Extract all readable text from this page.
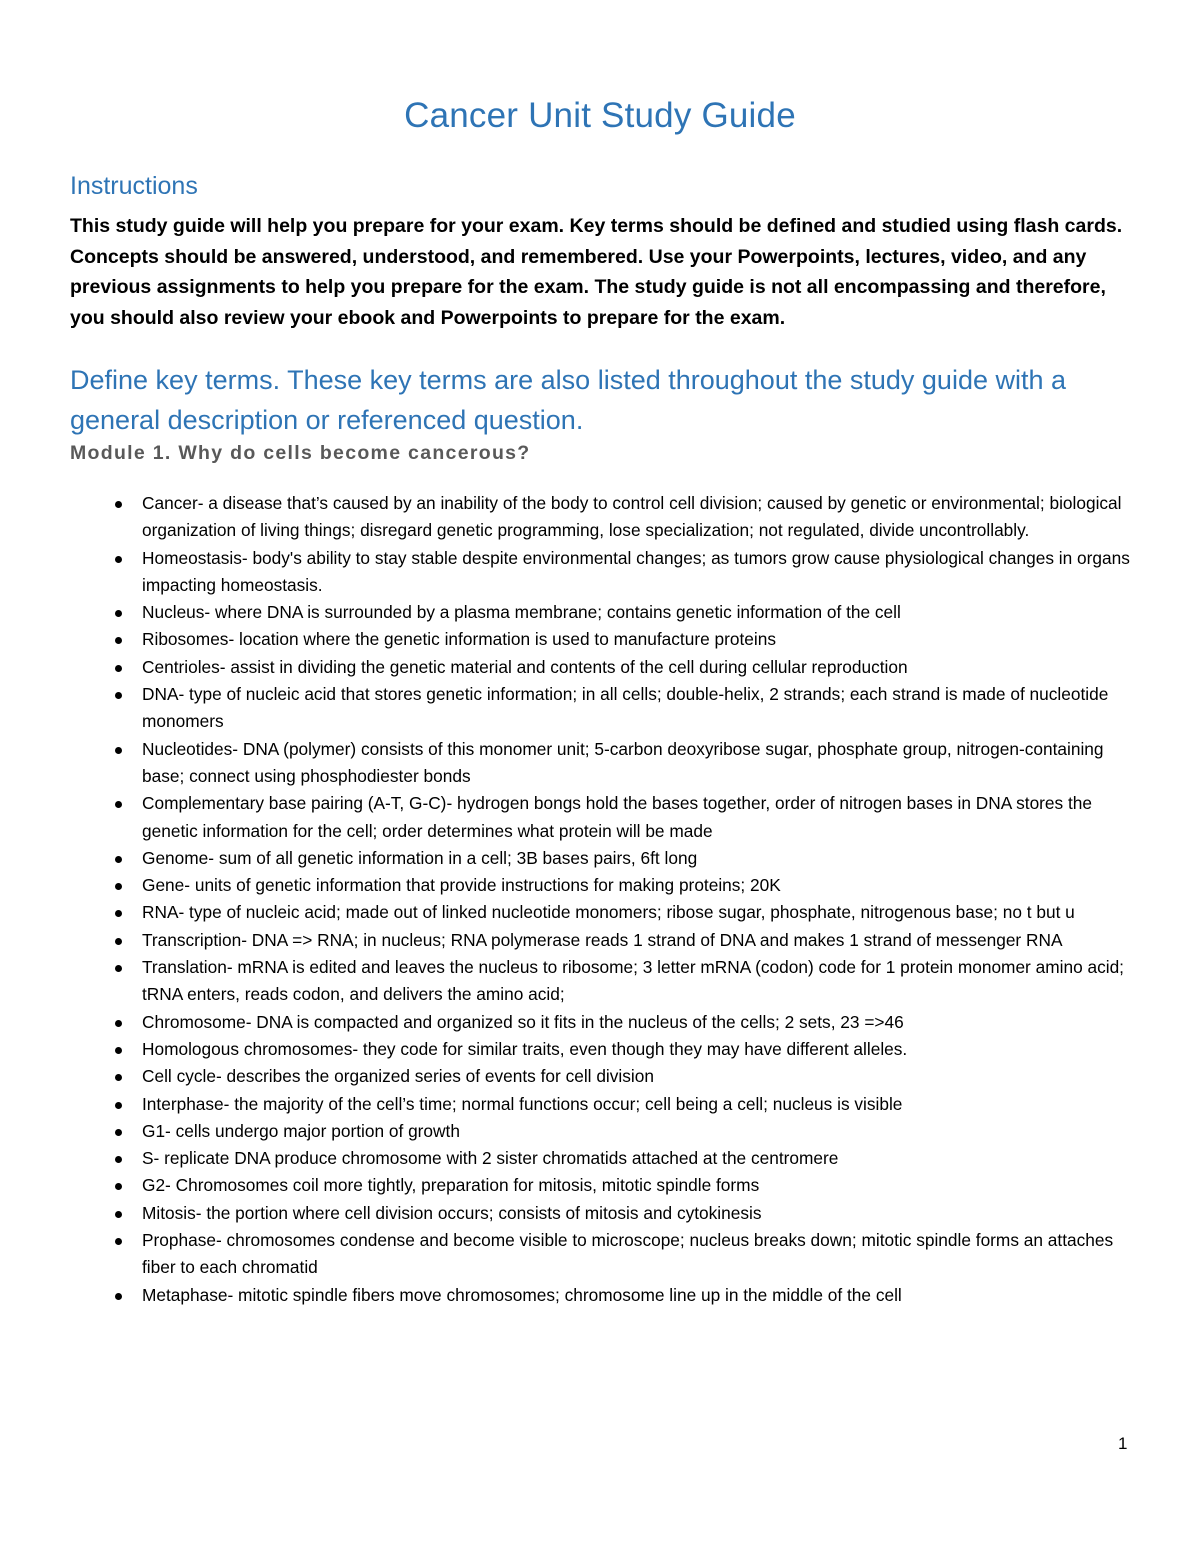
Cancer Unit Study Guide
Instructions

This study guide will help you prepare for your exam. Key terms should be defined and studied using flash cards. Concepts should be answered, understood, and remembered. Use your Powerpoints, lectures, video, and any previous assignments to help you prepare for the exam. The study guide is not all encompassing and therefore, you should also review your ebook and Powerpoints to prepare for the exam.

Define key terms. These key terms are also listed throughout the study guide with a general description or referenced question.
Module 1. Why do cells become cancerous?
Cancer- a disease that’s caused by an inability of the body to control cell division; caused by genetic or environmental; biological organization of living things; disregard genetic programming, lose specialization; not regulated, divide uncontrollably.
Homeostasis- body's ability to stay stable despite environmental changes; as tumors grow cause physiological changes in organs impacting homeostasis.
Nucleus- where DNA is surrounded by a plasma membrane; contains genetic information of the cell
Ribosomes- location where the genetic information is used to manufacture proteins
Centrioles- assist in dividing the genetic material and contents of the cell during cellular reproduction
DNA- type of nucleic acid that stores genetic information; in all cells; double-helix, 2 strands; each strand is made of nucleotide monomers
Nucleotides- DNA (polymer) consists of this monomer unit; 5-carbon deoxyribose sugar, phosphate group, nitrogen-containing base; connect using phosphodiester bonds
Complementary base pairing (A-T, G-C)- hydrogen bongs hold the bases together, order of nitrogen bases in DNA stores the genetic information for the cell; order determines what protein will be made
Genome- sum of all genetic information in a cell; 3B bases pairs, 6ft long
Gene- units of genetic information that provide instructions for making proteins; 20K
RNA- type of nucleic acid; made out of linked nucleotide monomers; ribose sugar, phosphate, nitrogenous base; no t but u
Transcription- DNA => RNA; in nucleus; RNA polymerase reads 1 strand of DNA and makes 1 strand of messenger RNA
Translation- mRNA is edited and leaves the nucleus to ribosome; 3 letter mRNA (codon) code for 1 protein monomer amino acid; tRNA enters, reads codon, and delivers the amino acid;
Chromosome- DNA is compacted and organized so it fits in the nucleus of the cells; 2 sets, 23 =>46
Homologous chromosomes- they code for similar traits, even though they may have different alleles.
Cell cycle- describes the organized series of events for cell division
Interphase- the majority of the cell’s time; normal functions occur; cell being a cell; nucleus is visible
G1- cells undergo major portion of growth
S- replicate DNA produce chromosome with 2 sister chromatids attached at the centromere
G2- Chromosomes coil more tightly, preparation for mitosis, mitotic spindle forms
Mitosis- the portion where cell division occurs; consists of mitosis and cytokinesis
Prophase- chromosomes condense and become visible to microscope; nucleus breaks down; mitotic spindle forms an attaches fiber to each chromatid
Metaphase- mitotic spindle fibers move chromosomes; chromosome line up in the middle of the cell
1
